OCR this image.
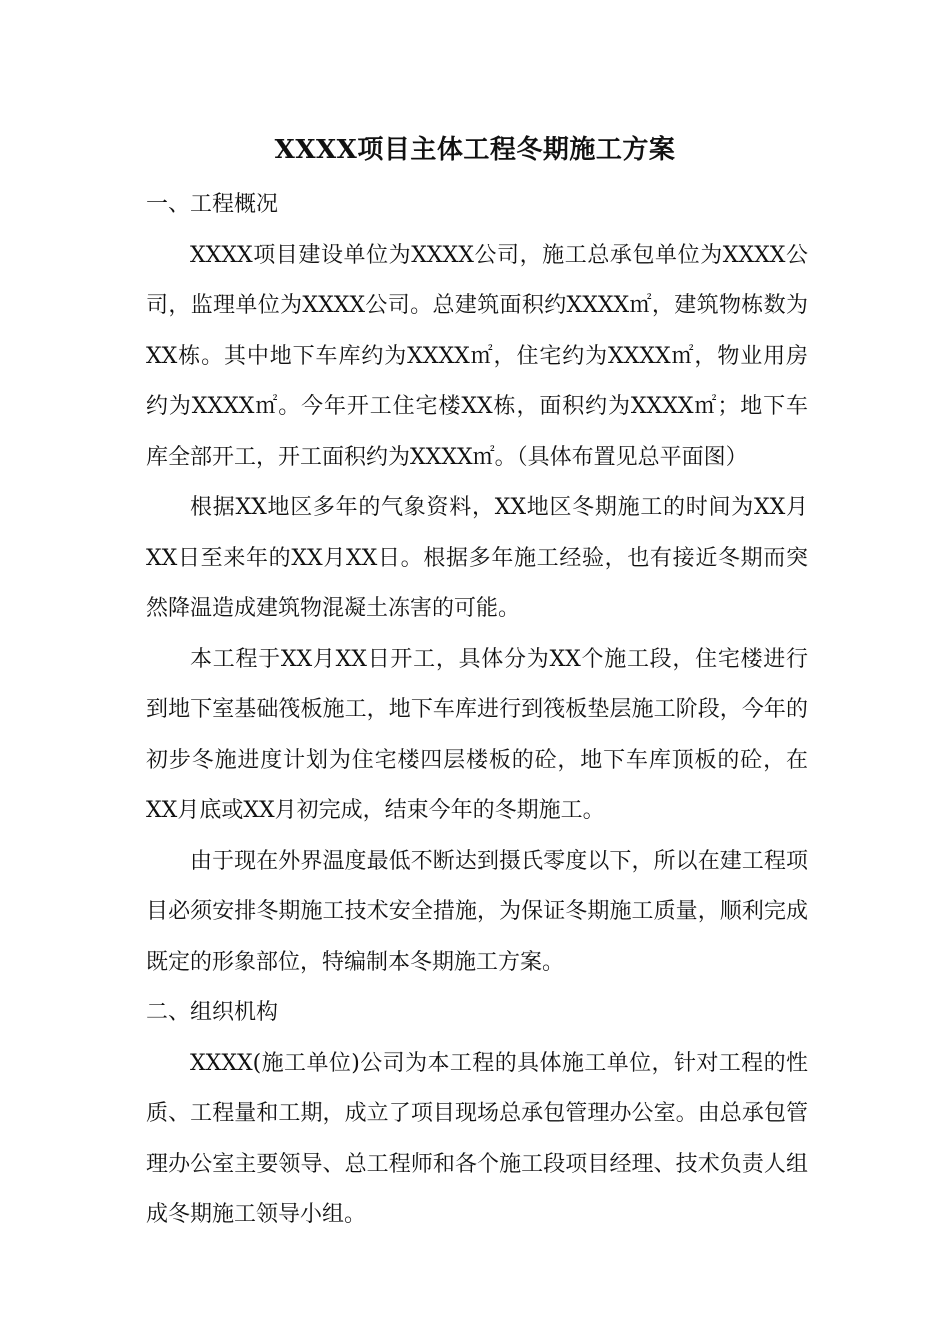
XXXX项目主体工程冬期施工方案

一、工程概况

XXXX项目建设单位为XXXX公司，施工总承包单位为XXXX公司，监理单位为XXXX公司。总建筑面积约XXXX㎡，建筑物栋数为XX栋。其中地下车库约为XXXX㎡，住宅约为XXXX㎡，物业用房约为XXXX㎡。今年开工住宅楼XX栋，面积约为XXXX㎡；地下车库全部开工，开工面积约为XXXX㎡。（具体布置见总平面图）

根据XX地区多年的气象资料，XX地区冬期施工的时间为XX月XX日至来年的XX月XX日。根据多年施工经验，也有接近冬期而突然降温造成建筑物混凝土冻害的可能。

本工程于XX月XX日开工，具体分为XX个施工段，住宅楼进行到地下室基础筏板施工，地下车库进行到筏板垫层施工阶段，今年的初步冬施进度计划为住宅楼四层楼板的砼，地下车库顶板的砼，在XX月底或XX月初完成，结束今年的冬期施工。

由于现在外界温度最低不断达到摄氏零度以下，所以在建工程项目必须安排冬期施工技术安全措施，为保证冬期施工质量，顺利完成既定的形象部位，特编制本冬期施工方案。

二、组织机构

XXXX(施工单位)公司为本工程的具体施工单位，针对工程的性质、工程量和工期，成立了项目现场总承包管理办公室。由总承包管理办公室主要领导、总工程师和各个施工段项目经理、技术负责人组成冬期施工领导小组。
